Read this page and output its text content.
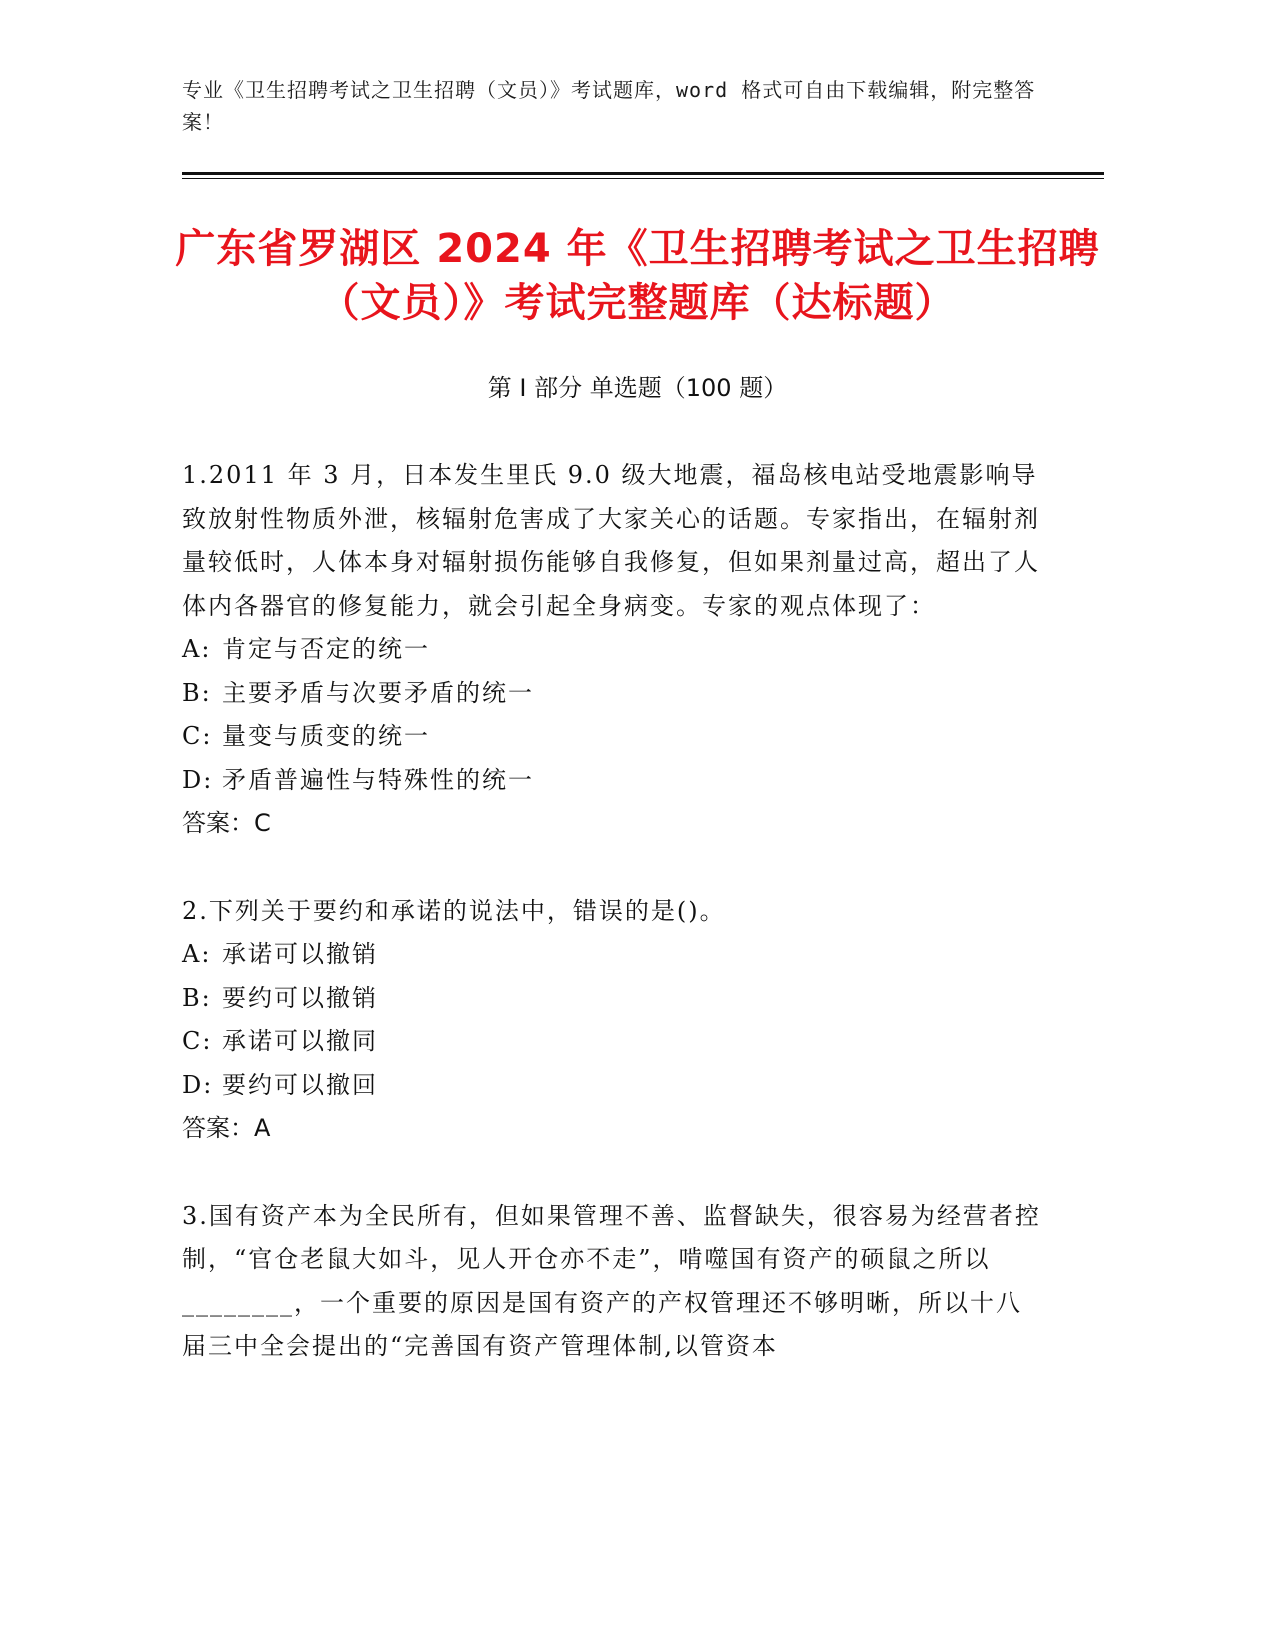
专业《卫生招聘考试之卫生招聘（文员）》考试题库，word 格式可自由下载编辑，附完整答案！
广东省罗湖区 2024 年《卫生招聘考试之卫生招聘（文员）》考试完整题库（达标题）
第 I 部分 单选题（100 题）

1.2011 年 3 月，日本发生里氏 9.0 级大地震，福岛核电站受地震影响导致放射性物质外泄，核辐射危害成了大家关心的话题。专家指出，在辐射剂量较低时，人体本身对辐射损伤能够自我修复，但如果剂量过高，超出了人体内各器官的修复能力，就会引起全身病变。专家的观点体现了：

A: 肯定与否定的统一

B: 主要矛盾与次要矛盾的统一

C: 量变与质变的统一

D: 矛盾普遍性与特殊性的统一

答案：C

2.下列关于要约和承诺的说法中，错误的是()。

A: 承诺可以撤销

B: 要约可以撤销

C: 承诺可以撤同

D: 要约可以撤回

答案：A

3.国有资产本为全民所有，但如果管理不善、监督缺失，很容易为经营者控制，“官仓老鼠大如斗，见人开仓亦不走”，啃噬国有资产的硕鼠之所以________，一个重要的原因是国有资产的产权管理还不够明晰，所以十八届三中全会提出的“完善国有资产管理体制,以管资本
